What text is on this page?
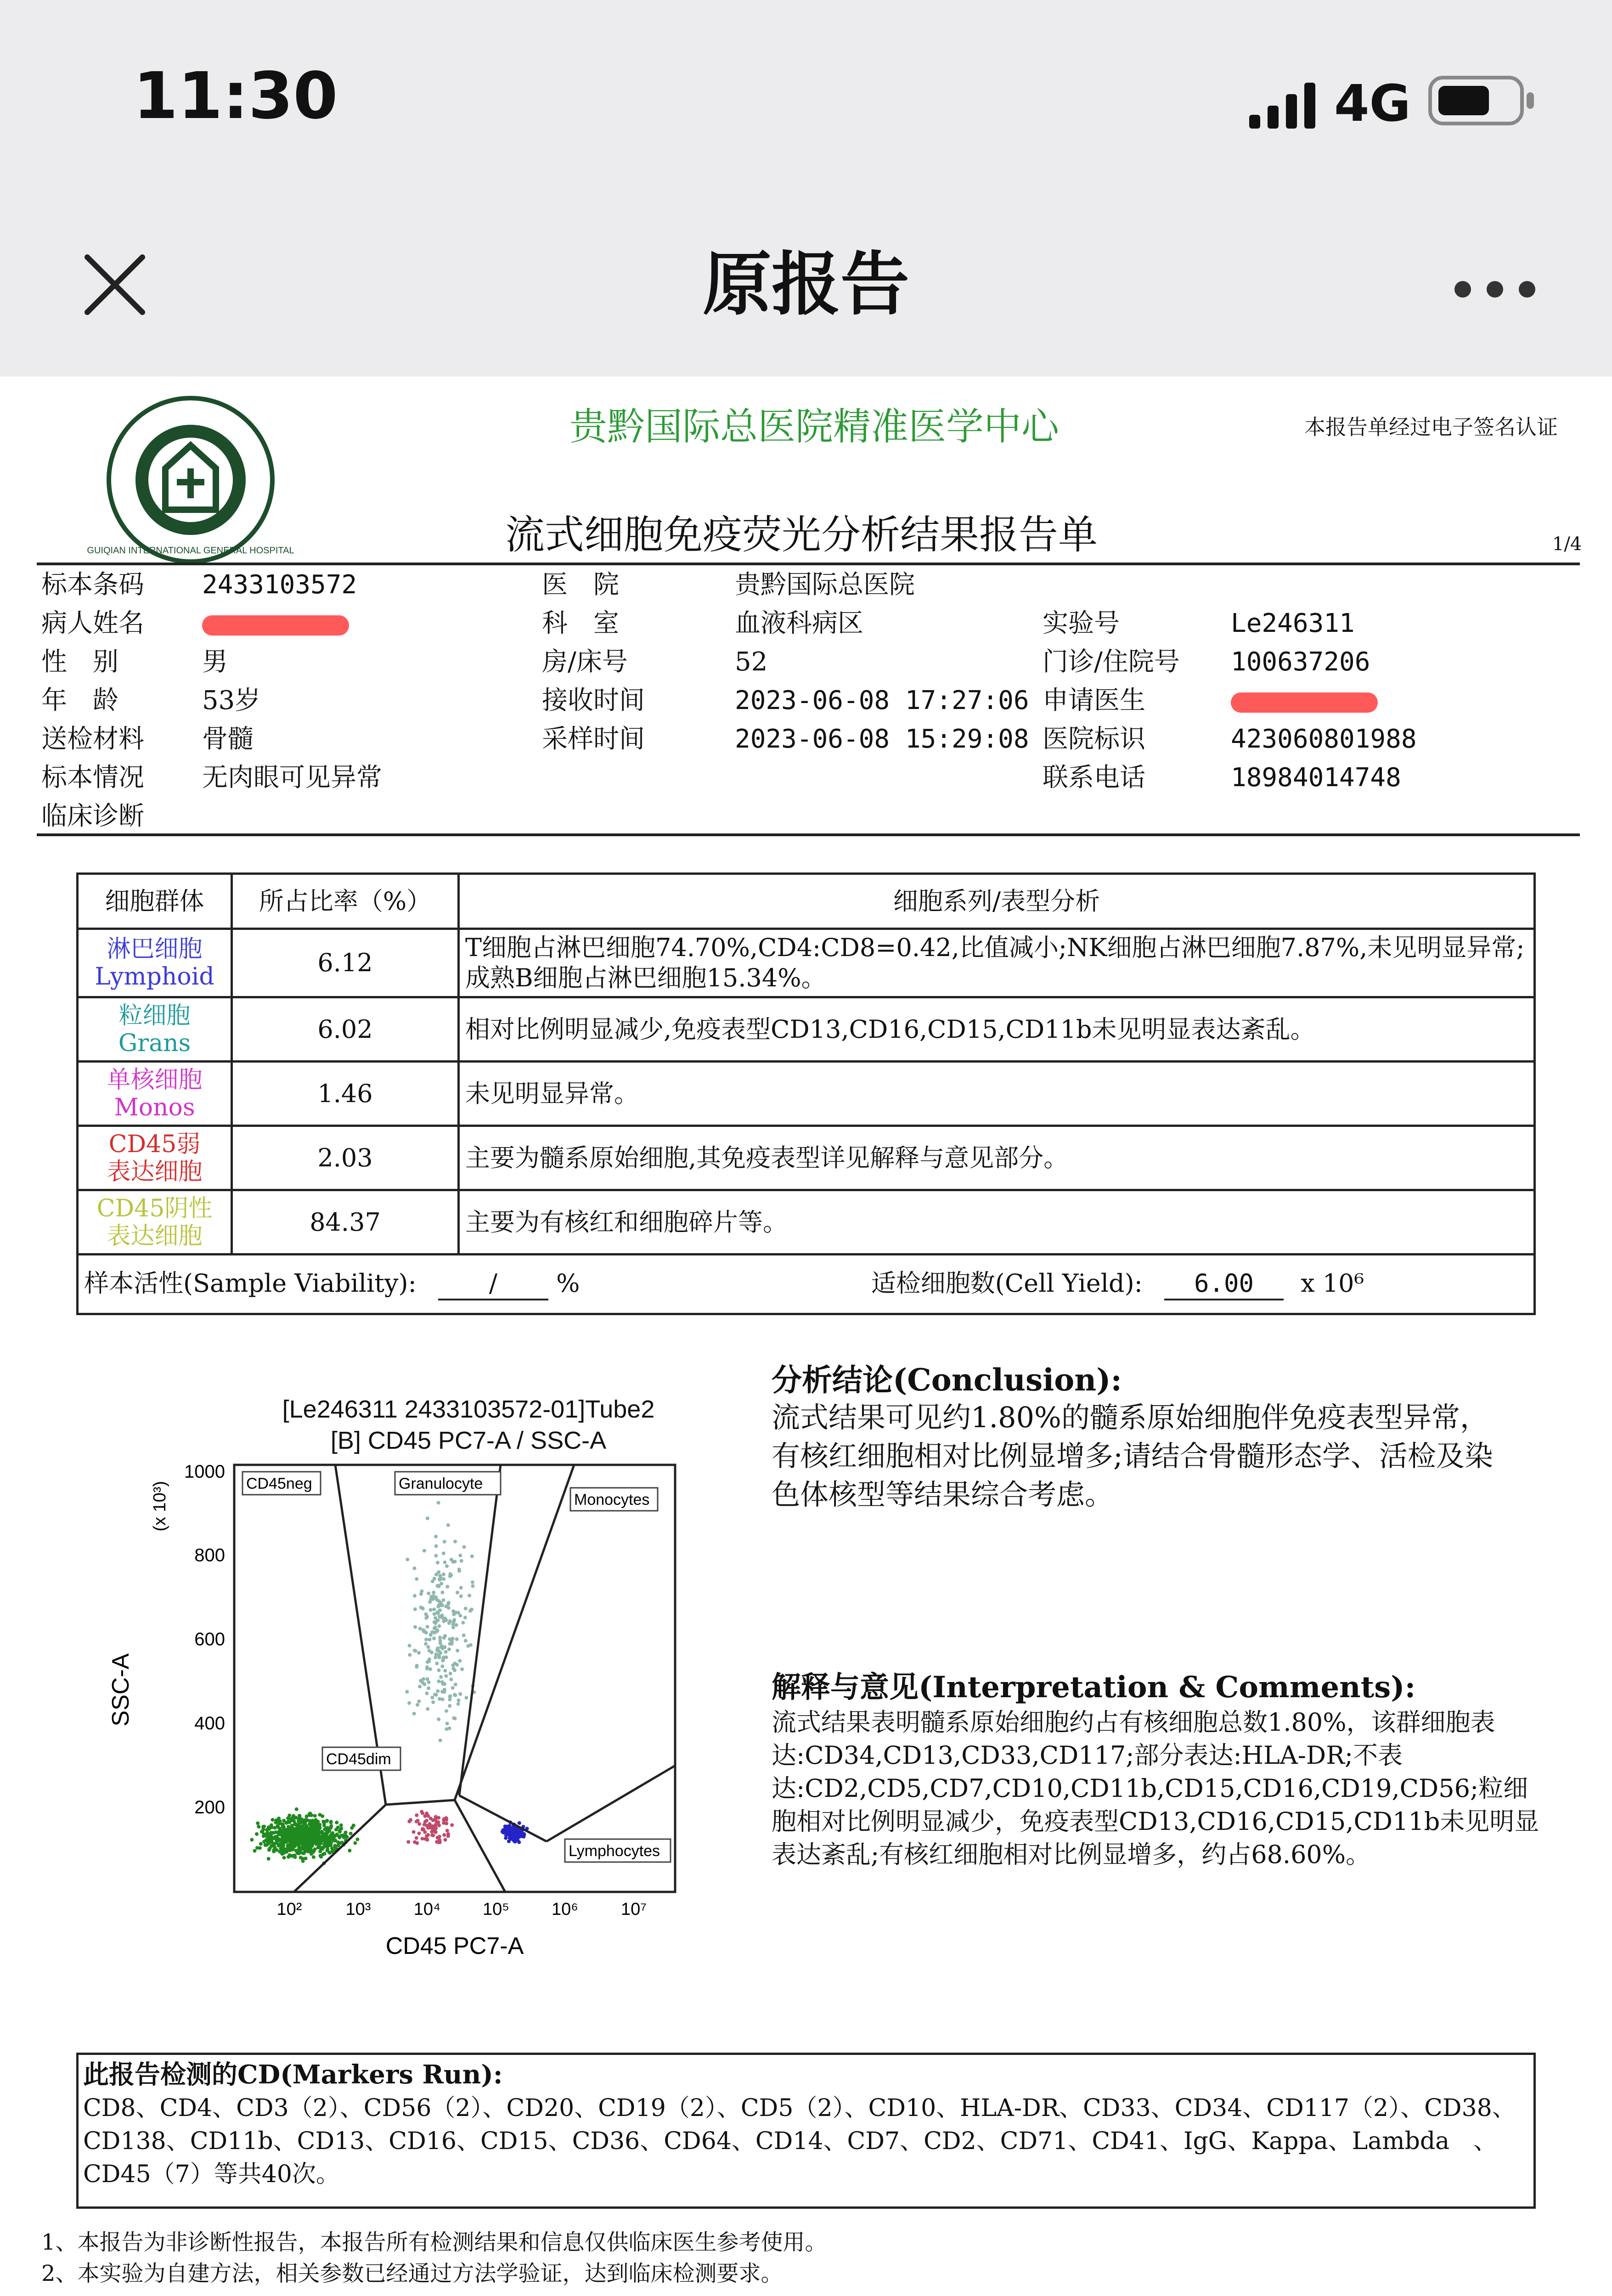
11:30	4G
原报告
GUIQIAN INTERNATIONAL GENERAL HOSPITAL
贵黔国际总医院精准医学中心	本报告单经过电子签名认证
流式细胞免疫荧光分析结果报告单	1/4
标本条码	2433103572	医　院	贵黔国际总医院		
病人姓名		科　室	血液科病区	实验号	Le246311
性　别	男	房/床号	52	门诊/住院号	100637206
年　龄	53岁	接收时间	2023-06-08 17:27:06	申请医生	
送检材料	骨髓	采样时间	2023-06-08 15:29:08	医院标识	423060801988
标本情况	无肉眼可见异常			联系电话	18984014748
临床诊断					
细胞群体	所占比率（%）	细胞系列/表型分析

淋巴细胞
Lymphoid	6.12	T细胞占淋巴细胞74.70%,CD4:CD8=0.42,比值减小;NK细胞占淋巴细胞7.87%,未见明显异常;成熟B细胞占淋巴细胞15.34%。

粒细胞
Grans	6.02	相对比例明显减少,免疫表型CD13,CD16,CD15,CD11b未见明显表达紊乱。

单核细胞
Monos	1.46	未见明显异常。

CD45弱
表达细胞	2.03	主要为髓系原始细胞,其免疫表型详见解释与意见部分。

CD45阴性
表达细胞	84.37	主要为有核红和细胞碎片等。
样本活性(Sample Viability): / % 适检细胞数(Cell Yield): 6.00 x 10⁶		
[Le246311 2433103572-01]Tube2
[B] CD45 PC7-A / SSC-A
SSC-A
(x 10³)	CD45neg	Granulocyte
Monocytes
CD45dim
Lymphocytes
1000
800
600
400
200
10²	10³ 10⁴ 10⁵ 10⁶ 10⁷
CD45 PC7-A
分析结论(Conclusion):
流式结果可见约1.80%的髓系原始细胞伴免疫表型异常，有核红细胞相对比例显增多;请结合骨髓形态学、活检及染色体核型等结果综合考虑。
解释与意见(Interpretation & Comments):
流式结果表明髓系原始细胞约占有核细胞总数1.80%，该群细胞表达:CD34,CD13,CD33,CD117;部分表达:HLA-DR;不表达:CD2,CD5,CD7,CD10,CD11b,CD15,CD16,CD19,CD56;粒细胞相对比例明显减少，免疫表型CD13,CD16,CD15,CD11b未见明显表达紊乱;有核红细胞相对比例显增多，约占68.60%。
此报告检测的CD(Markers Run):
CD8、CD4、CD3（2）、CD56（2）、CD20、CD19（2）、CD5（2）、CD10、HLA-DR、CD33、CD34、CD117（2）、CD38、CD138、CD11b、CD13、CD16、CD15、CD36、CD64、CD14、CD7、CD2、CD71、CD41、IgG、Kappa、Lambda　、CD45（7）等共40次。
1、本报告为非诊断性报告，本报告所有检测结果和信息仅供临床医生参考使用。
2、本实验为自建方法，相关参数已经通过方法学验证，达到临床检测要求。
